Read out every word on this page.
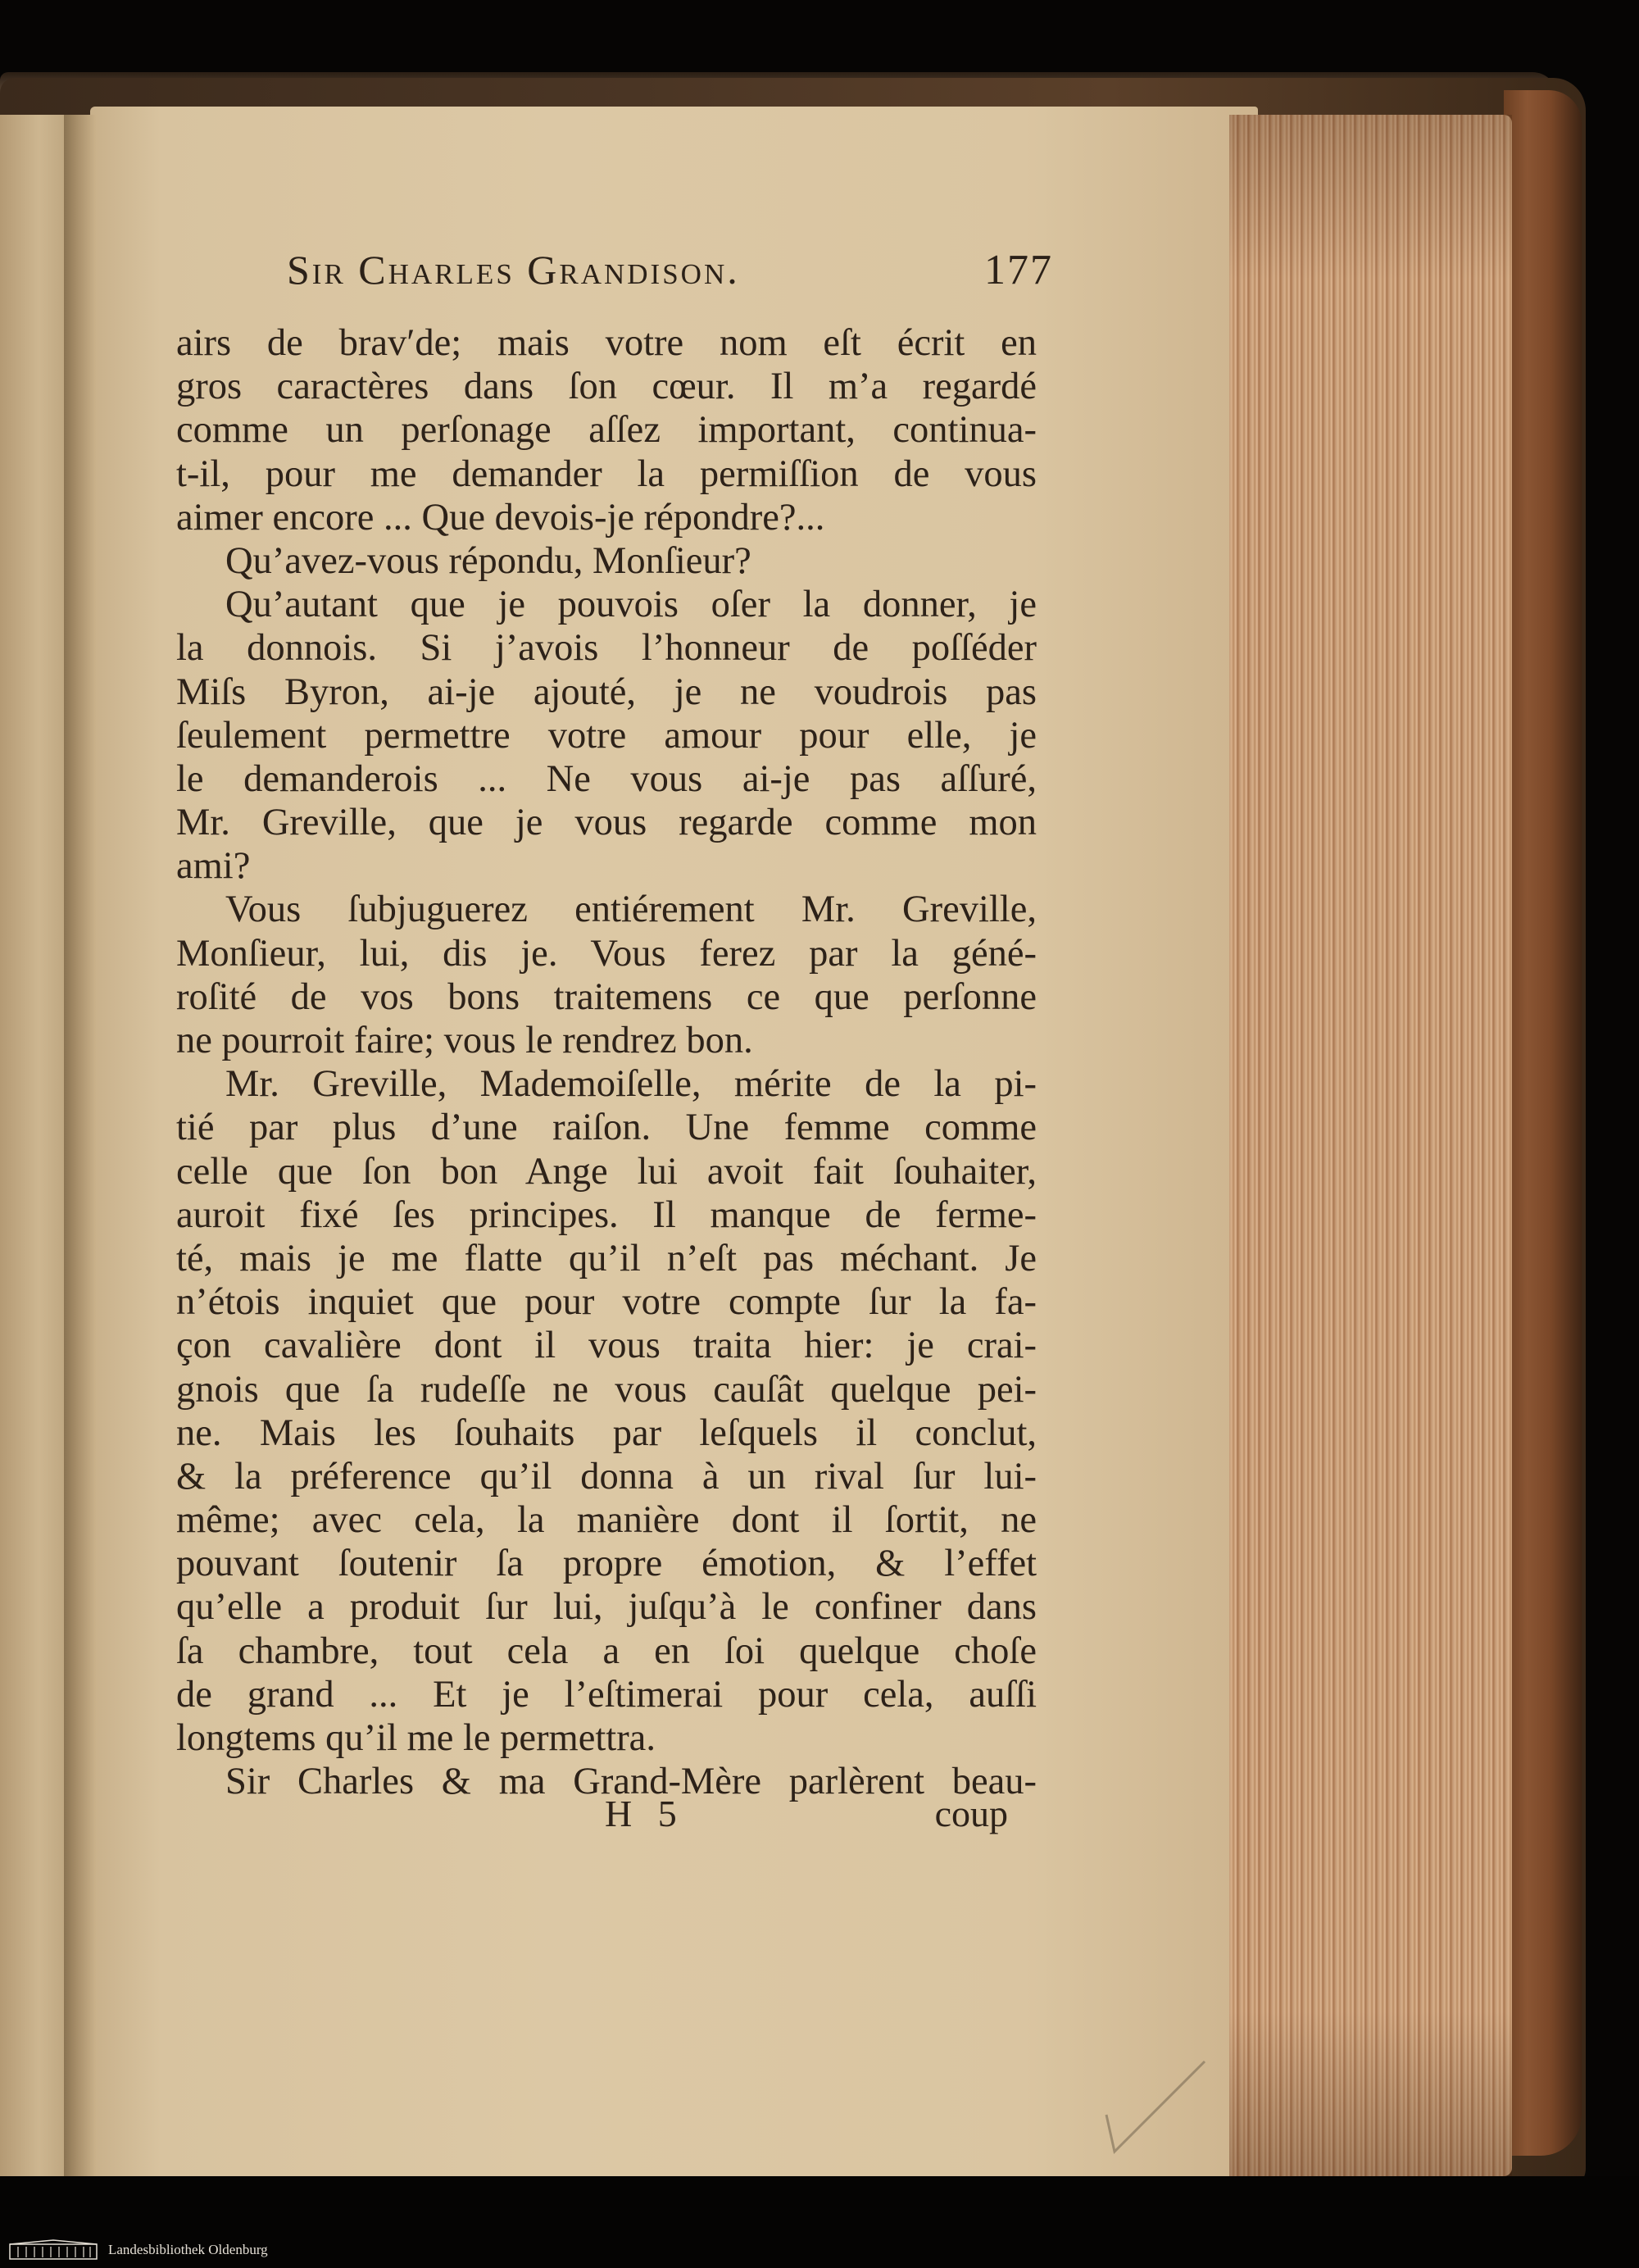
Sir Charles Grandison.	177
airs de brav′de; mais votre nom eſt écrit en
gros caractères dans ſon cœur. Il m’a regardé
comme un perſonage aſſez important, continua-
t-il, pour me demander la permiſſion de vous
aimer encore ... Que devois-je répondre?...
Qu’avez-vous répondu, Monſieur?
Qu’autant que je pouvois oſer la donner, je
la donnois. Si j’avois l’honneur de poſſéder
Miſs Byron, ai-je ajouté, je ne voudrois pas
ſeulement permettre votre amour pour elle, je
le demanderois ... Ne vous ai-je pas aſſuré,
Mr. Greville, que je vous regarde comme mon
ami?
Vous ſubjuguerez entiérement Mr. Greville,
Monſieur, lui, dis je. Vous ferez par la géné-
roſité de vos bons traitemens ce que perſonne
ne pourroit faire; vous le rendrez bon.
Mr. Greville, Mademoiſelle, mérite de la pi-
tié par plus d’une raiſon. Une femme comme
celle que ſon bon Ange lui avoit fait ſouhaiter,
auroit fixé ſes principes. Il manque de ferme-
té, mais je me flatte qu’il n’eſt pas méchant. Je
n’étois inquiet que pour votre compte ſur la fa-
çon cavalière dont il vous traita hier: je crai-
gnois que ſa rudeſſe ne vous cauſât quelque pei-
ne. Mais les ſouhaits par leſquels il conclut,
& la préference qu’il donna à un rival ſur lui-
même; avec cela, la manière dont il ſortit, ne
pouvant ſoutenir ſa propre émotion, & l’effet
qu’elle a produit ſur lui, juſqu’à le confiner dans
ſa chambre, tout cela a en ſoi quelque choſe
de grand ... Et je l’eſtimerai pour cela, auſſi
longtems qu’il me le permettra.
Sir Charles & ma Grand-Mère parlèrent beau-
H 5	coup
Landesbibliothek Oldenburg
